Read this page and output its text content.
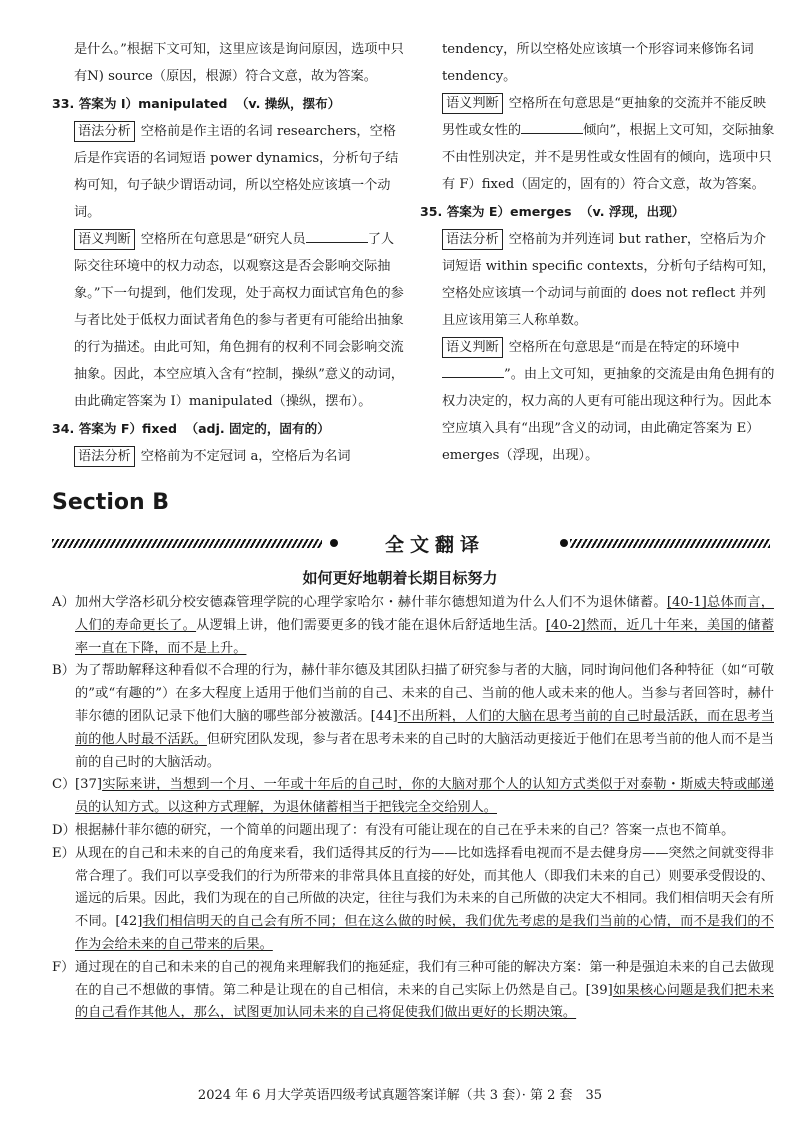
是什么。”根据下文可知，这里应该是询问原因，选项中只有N) source（原因，根源）符合文意，故为答案。

33. 答案为 I）manipulated （v. 操纵，摆布）

语法分析 空格前是作主语的名词 researchers，空格后是作宾语的名词短语 power dynamics，分析句子结构可知，句子缺少谓语动词，所以空格处应该填一个动词。

语义判断 空格所在句意思是“研究人员	了人际交往环境中的权力动态，以观察这是否会影响交际抽象。”下一句提到，他们发现，处于高权力面试官角色的参与者比处于低权力面试者角色的参与者更有可能给出抽象的行为描述。由此可知，角色拥有的权利不同会影响交流抽象。因此，本空应填入含有“控制，操纵”意义的动词，由此确定答案为 I）manipulated（操纵，摆布）。

34. 答案为 F）fixed （adj. 固定的，固有的）

语法分析 空格前为不定冠词 a，空格后为名词

tendency，所以空格处应该填一个形容词来修饰名词 tendency。

语义判断 空格所在句意思是“更抽象的交流并不能反映男性或女性的	倾向”，根据上文可知，交际抽象不由性别决定，并不是男性或女性固有的倾向，选项中只有 F）fixed（固定的，固有的）符合文意，故为答案。

35. 答案为 E）emerges （v. 浮现，出现）

语法分析 空格前为并列连词 but rather，空格后为介词短语 within specific contexts，分析句子结构可知，空格处应该填一个动词与前面的 does not reflect 并列且应该用第三人称单数。

语义判断 空格所在句意思是“而是在特定的环境中”。由上文可知，更抽象的交流是由角色拥有的权力决定的，权力高的人更有可能出现这种行为。因此本空应填入具有“出现”含义的动词，由此确定答案为 E）emerges（浮现，出现）。

Section B
全文翻译
如何更好地朝着长期目标努力

A） 加州大学洛杉矶分校安德森管理学院的心理学家哈尔・赫什菲尔德想知道为什么人们不为退休储蓄。[40-1]总体而言，人们的寿命更长了。从逻辑上讲，他们需要更多的钱才能在退休后舒适地生活。[40-2]然而，近几十年来，美国的储蓄率一直在下降，而不是上升。

B） 为了帮助解释这种看似不合理的行为，赫什菲尔德及其团队扫描了研究参与者的大脑，同时询问他们各种特征（如“可敬的”或“有趣的”）在多大程度上适用于他们当前的自己、未来的自己、当前的他人或未来的他人。当参与者回答时，赫什菲尔德的团队记录下他们大脑的哪些部分被激活。[44]不出所料，人们的大脑在思考当前的自己时最活跃，而在思考当前的他人时最不活跃。但研究团队发现，参与者在思考未来的自己时的大脑活动更接近于他们在思考当前的他人而不是当前的自己时的大脑活动。

C） [37]实际来讲，当想到一个月、一年或十年后的自己时，你的大脑对那个人的认知方式类似于对泰勒・斯威夫特或邮递员的认知方式。以这种方式理解，为退休储蓄相当于把钱完全交给别人。

D） 根据赫什菲尔德的研究，一个简单的问题出现了：有没有可能让现在的自己在乎未来的自己？答案一点也不简单。

E） 从现在的自己和未来的自己的角度来看，我们适得其反的行为——比如选择看电视而不是去健身房——突然之间就变得非常合理了。我们可以享受我们的行为所带来的非常具体且直接的好处，而其他人（即我们未来的自己）则要承受假设的、遥远的后果。因此，我们为现在的自己所做的决定，往往与我们为未来的自己所做的决定大不相同。我们相信明天会有所不同。[42]我们相信明天的自己会有所不同；但在这么做的时候，我们优先考虑的是我们当前的心情，而不是我们的不作为会给未来的自己带来的后果。

F） 通过现在的自己和未来的自己的视角来理解我们的拖延症，我们有三种可能的解决方案：第一种是强迫未来的自己去做现在的自己不想做的事情。第二种是让现在的自己相信，未来的自己实际上仍然是自己。[39]如果核心问题是我们把未来的自己看作其他人，那么，试图更加认同未来的自己将促使我们做出更好的长期决策。

2024 年 6 月大学英语四级考试真题答案详解（共 3 套）· 第 2 套　35
